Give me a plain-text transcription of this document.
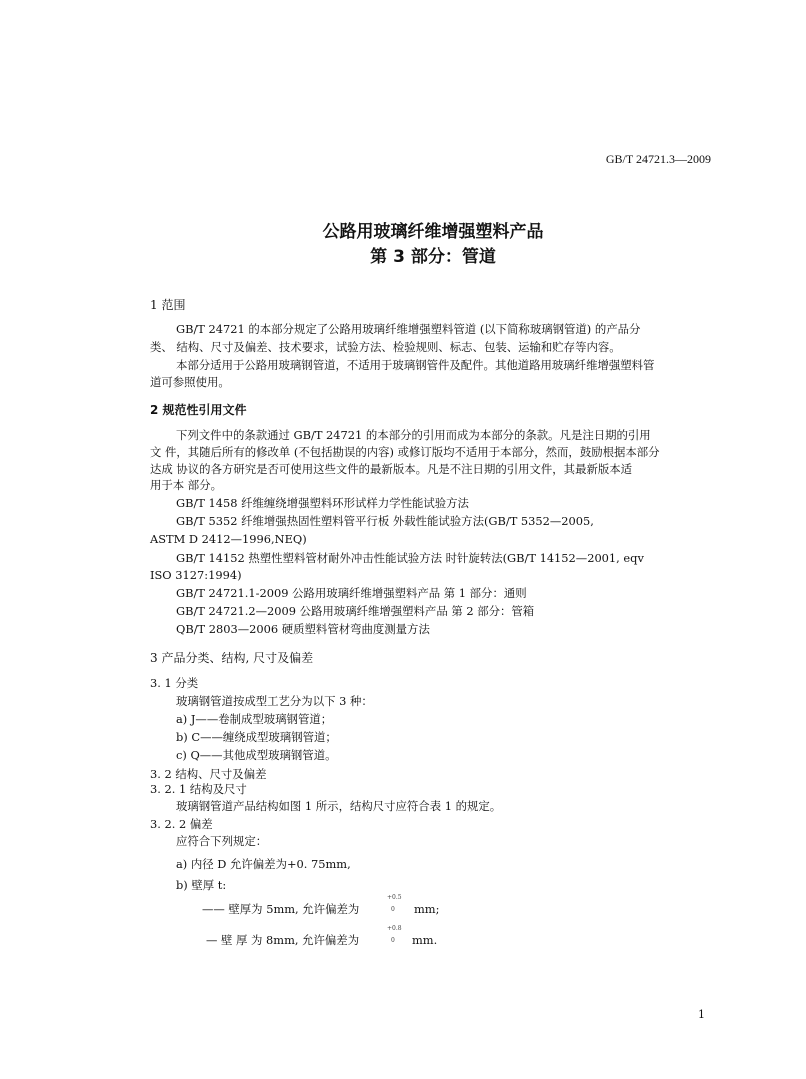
GB/T 24721.3—2009
公路用玻璃纤维增强塑料产品
第 3 部分：管道
1 范围
GB/T 24721 的本部分规定了公路用玻璃纤维增强塑料管道 (以下简称玻璃钢管道) 的产品分
类、 结构、尺寸及偏差、技术要求，试验方法、检验规则、标志、包装、运输和贮存等内容。
本部分适用于公路用玻璃钢管道，不适用于玻璃钢管件及配件。其他道路用玻璃纤维增强塑料管
道可参照使用。
2 规范性引用文件
下列文件中的条款通过 GB/T 24721 的本部分的引用而成为本部分的条款。凡是注日期的引用
文 件，其随后所有的修改单 (不包括勘误的内容) 或修订版均不适用于本部分，然而，鼓励根据本部分
达成 协议的各方研究是否可使用这些文件的最新版本。凡是不注日期的引用文件，其最新版本适
用于本 部分。
GB/T 1458 纤维缠绕增强塑料环形试样力学性能试验方法
GB/T 5352 纤维增强热固性塑料管平行板 外载性能试验方法(GB/T 5352—2005,
ASTM D 2412—1996,NEQ)
GB/T 14152 热塑性塑料管材耐外冲击性能试验方法 时针旋转法(GB/T 14152—2001, eqv
ISO 3127:1994)
GB/T 24721.1-2009 公路用玻璃纤维增强塑料产品 第 1 部分：通则
GB/T 24721.2—2009 公路用玻璃纤维增强塑料产品 第 2 部分：管箱
QB/T 2803—2006 硬质塑料管材弯曲度测量方法
3 产品分类、结构, 尺寸及偏差
3. 1 分类
玻璃钢管道按成型工艺分为以下 3 种：
a) J——卷制成型玻璃钢管道；
b) C——缠绕成型玻璃钢管道；
c) Q——其他成型玻璃钢管道。
3. 2 结构、尺寸及偏差
3. 2. 1 结构及尺寸
玻璃钢管道产品结构如图 1 所示，结构尺寸应符合表 1 的规定。
3. 2. 2 偏差
应符合下列规定：
a) 内径 D 允许偏差为+0. 75mm,
b) 壁厚 t:
—— 壁厚为 5mm, 允许偏差为
+0.5
0 mm;
— 壁 厚 为 8mm, 允许偏差为
+0.8
0 mm.
1
